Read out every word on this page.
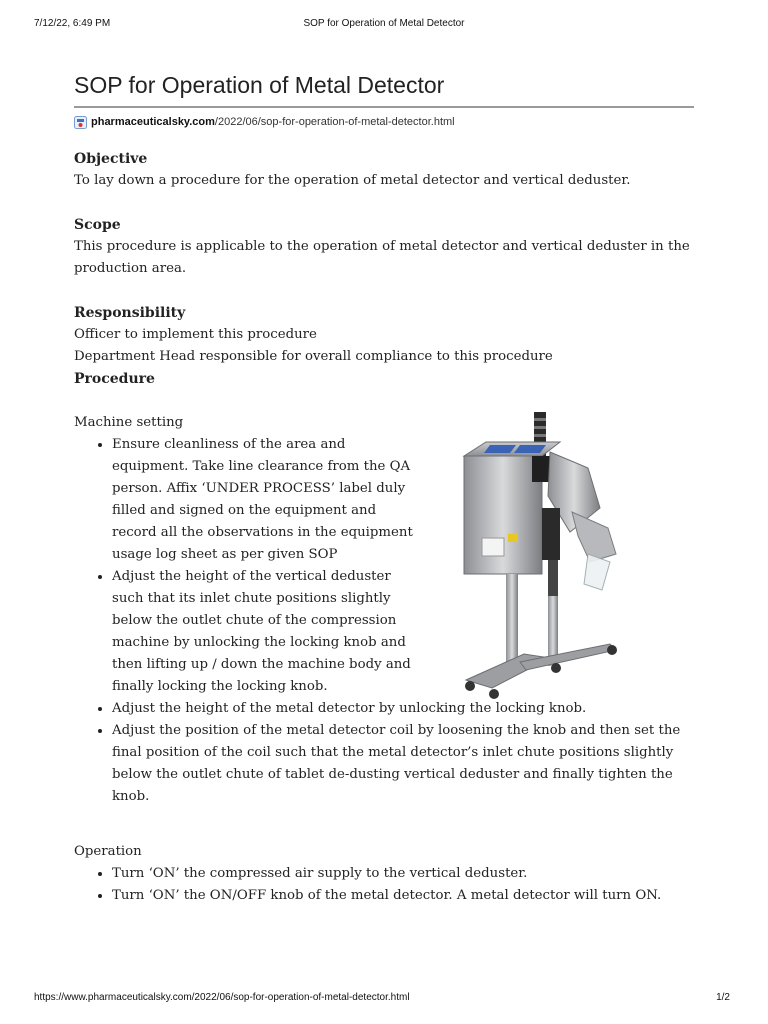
7/12/22, 6:49 PM	SOP for Operation of Metal Detector
SOP for Operation of Metal Detector
pharmaceuticalsky.com/2022/06/sop-for-operation-of-metal-detector.html
Objective

To lay down a procedure for the operation of metal detector and vertical deduster.

Scope

This procedure is applicable to the operation of metal detector and vertical deduster in the production area.

Responsibility

Officer to implement this procedure

Department Head responsible for overall compliance to this procedure

Procedure

Machine setting

• Ensure cleanliness of the area and equipment. Take line clearance from the QA person. Affix ‘UNDER PROCESS’ label duly filled and signed on the equipment and record all the observations in the equipment usage log sheet as per given SOP
• Adjust the height of the vertical deduster such that its inlet chute positions slightly below the outlet chute of the compression machine by unlocking the locking knob and then lifting up / down the machine body and finally locking the locking knob.
• Adjust the height of the metal detector by unlocking the locking knob.
• Adjust the position of the metal detector coil by loosening the knob and then set the final position of the coil such that the metal detector’s inlet chute positions slightly below the outlet chute of tablet de-dusting vertical deduster and finally tighten the knob.

Operation

• Turn ‘ON’ the compressed air supply to the vertical deduster.
• Turn ‘ON’ the ON/OFF knob of the metal detector. A metal detector will turn ON.
https://www.pharmaceuticalsky.com/2022/06/sop-for-operation-of-metal-detector.html	1/2
